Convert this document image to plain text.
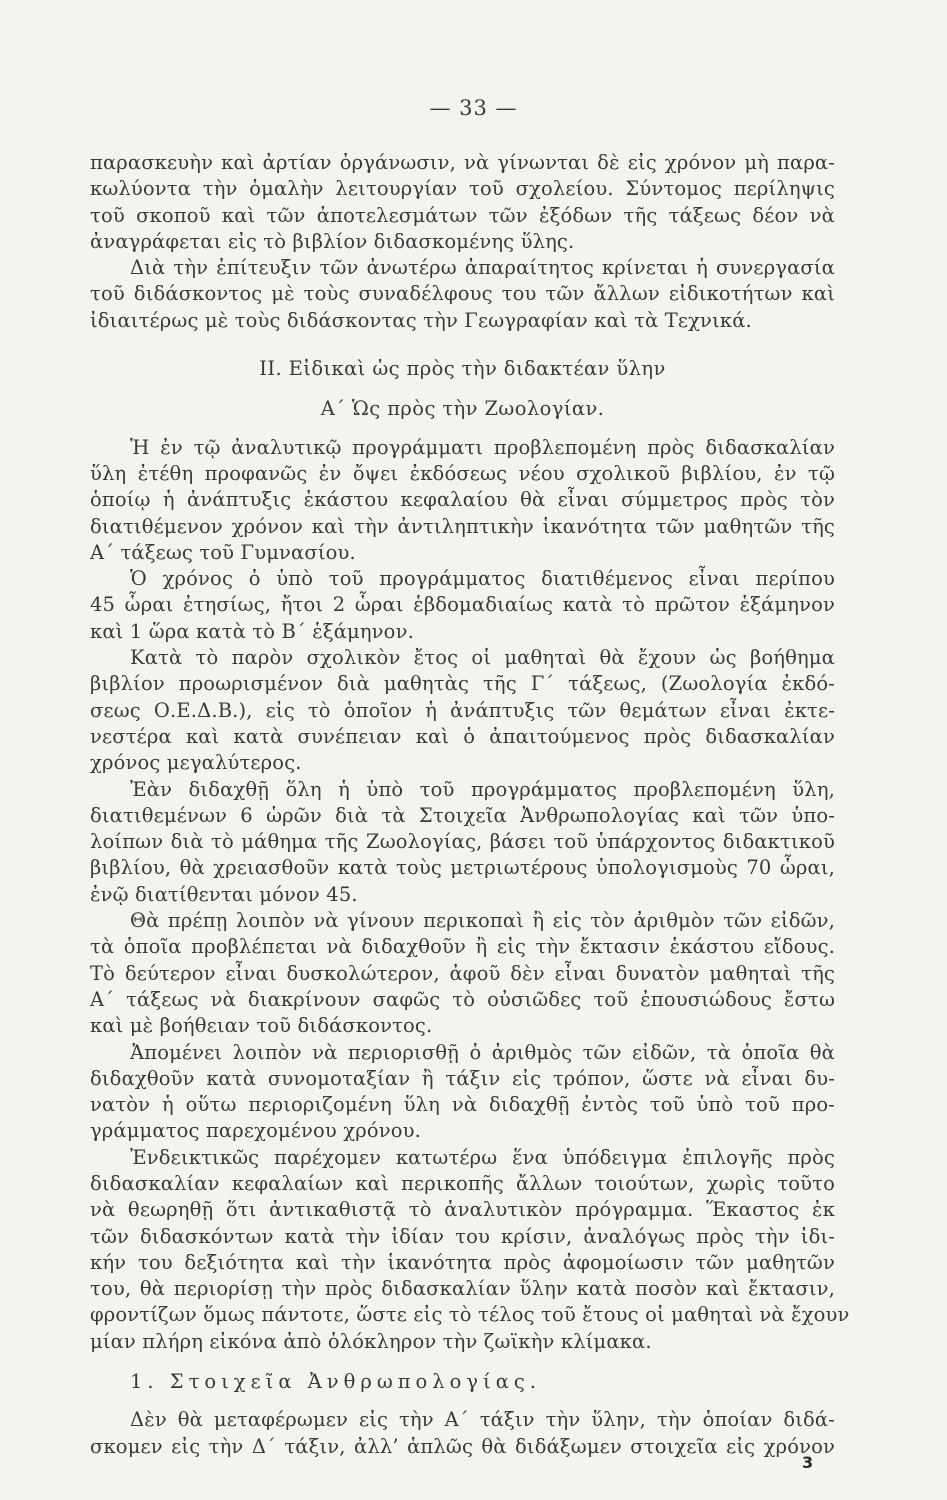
— 33 —
παρασκευὴν καὶ ἀρτίαν ὀργάνωσιν, νὰ γίνωνται δὲ εἰς χρόνον μὴ παρα-
κωλύοντα τὴν ὁμαλὴν λειτουργίαν τοῦ σχολείου. Σύντομος περίληψις
τοῦ σκοποῦ καὶ τῶν ἀποτελεσμάτων τῶν ἐξόδων τῆς τάξεως δέον νὰ
ἀναγράφεται εἰς τὸ βιβλίον διδασκομένης ὕλης.
Διὰ τὴν ἐπίτευξιν τῶν ἀνωτέρω ἀπαραίτητος κρίνεται ἡ συνεργασία
τοῦ διδάσκοντος μὲ τοὺς συναδέλφους του τῶν ἄλλων εἰδικοτήτων καὶ
ἰδιαιτέρως μὲ τοὺς διδάσκοντας τὴν Γεωγραφίαν καὶ τὰ Τεχνικά.
ΙΙ. Εἰδικαὶ ὡς πρὸς τὴν διδακτέαν ὕλην
Α΄ Ὡς πρὸς τὴν Ζωολογίαν.
Ἡ ἐν τῷ ἀναλυτικῷ προγράμματι προβλεπομένη πρὸς διδασκαλίαν
ὕλη ἐτέθη προφανῶς ἐν ὄψει ἐκδόσεως νέου σχολικοῦ βιβλίου, ἐν τῷ
ὁποίῳ ἡ ἀνάπτυξις ἑκάστου κεφαλαίου θὰ εἶναι σύμμετρος πρὸς τὸν
διατιθέμενον χρόνον καὶ τὴν ἀντιληπτικὴν ἱκανότητα τῶν μαθητῶν τῆς
Α΄ τάξεως τοῦ Γυμνασίου.
Ὁ χρόνος ὁ ὑπὸ τοῦ προγράμματος διατιθέμενος εἶναι περίπου
45 ὧραι ἐτησίως, ἤτοι 2 ὧραι ἑβδομαδιαίως κατὰ τὸ πρῶτον ἑξάμηνον
καὶ 1 ὥρα κατὰ τὸ Β΄ ἑξάμηνον.
Κατὰ τὸ παρὸν σχολικὸν ἔτος οἱ μαθηταὶ θὰ ἔχουν ὡς βοήθημα
βιβλίον προωρισμένον διὰ μαθητὰς τῆς Γ΄ τάξεως, (Ζωολογία ἐκδό-
σεως Ο.Ε.Δ.Β.), εἰς τὸ ὁποῖον ἡ ἀνάπτυξις τῶν θεμάτων εἶναι ἐκτε-
νεστέρα καὶ κατὰ συνέπειαν καὶ ὁ ἀπαιτούμενος πρὸς διδασκαλίαν
χρόνος μεγαλύτερος.
Ἐὰν διδαχθῇ ὅλη ἡ ὑπὸ τοῦ προγράμματος προβλεπομένη ὕλη,
διατιθεμένων 6 ὡρῶν διὰ τὰ Στοιχεῖα Ἀνθρωπολογίας καὶ τῶν ὑπο-
λοίπων διὰ τὸ μάθημα τῆς Ζωολογίας, βάσει τοῦ ὑπάρχοντος διδακτικοῦ
βιβλίου, θὰ χρειασθοῦν κατὰ τοὺς μετριωτέρους ὑπολογισμοὺς 70 ὧραι,
ἐνῷ διατίθενται μόνον 45.
Θὰ πρέπῃ λοιπὸν νὰ γίνουν περικοπαὶ ἢ εἰς τὸν ἀριθμὸν τῶν εἰδῶν,
τὰ ὁποῖα προβλέπεται νὰ διδαχθοῦν ἢ εἰς τὴν ἔκτασιν ἑκάστου εἴδους.
Τὸ δεύτερον εἶναι δυσκολώτερον, ἀφοῦ δὲν εἶναι δυνατὸν μαθηταὶ τῆς
Α΄ τάξεως νὰ διακρίνουν σαφῶς τὸ οὐσιῶδες τοῦ ἐπουσιώδους ἔστω
καὶ μὲ βοήθειαν τοῦ διδάσκοντος.
Ἀπομένει λοιπὸν νὰ περιορισθῇ ὁ ἀριθμὸς τῶν εἰδῶν, τὰ ὁποῖα θὰ
διδαχθοῦν κατὰ συνομοταξίαν ἢ τάξιν εἰς τρόπον, ὥστε νὰ εἶναι δυ-
νατὸν ἡ οὕτω περιοριζομένη ὕλη νὰ διδαχθῇ ἐντὸς τοῦ ὑπὸ τοῦ προ-
γράμματος παρεχομένου χρόνου.
Ἐνδεικτικῶς παρέχομεν κατωτέρω ἕνα ὑπόδειγμα ἐπιλογῆς πρὸς
διδασκαλίαν κεφαλαίων καὶ περικοπῆς ἄλλων τοιούτων, χωρὶς τοῦτο
νὰ θεωρηθῇ ὅτι ἀντικαθιστᾷ τὸ ἀναλυτικὸν πρόγραμμα. Ἕκαστος ἐκ
τῶν διδασκόντων κατὰ τὴν ἰδίαν του κρίσιν, ἀναλόγως πρὸς τὴν ἰδι-
κήν του δεξιότητα καὶ τὴν ἱκανότητα πρὸς ἀφομοίωσιν τῶν μαθητῶν
του, θὰ περιορίσῃ τὴν πρὸς διδασκαλίαν ὕλην κατὰ ποσὸν καὶ ἔκτασιν,
φροντίζων ὅμως πάντοτε, ὥστε εἰς τὸ τέλος τοῦ ἔτους οἱ μαθηταὶ νὰ ἔχουν
μίαν πλήρη εἰκόνα ἀπὸ ὁλόκληρον τὴν ζωϊκὴν κλίμακα.
1. Στοιχεῖα Ἀνθρωπολογίας.
Δὲν θὰ μεταφέρωμεν εἰς τὴν Α΄ τάξιν τὴν ὕλην, τὴν ὁποίαν διδά-
σκομεν εἰς τὴν Δ΄ τάξιν, ἀλλ’ ἁπλῶς θὰ διδάξωμεν στοιχεῖα εἰς χρόνον
3
